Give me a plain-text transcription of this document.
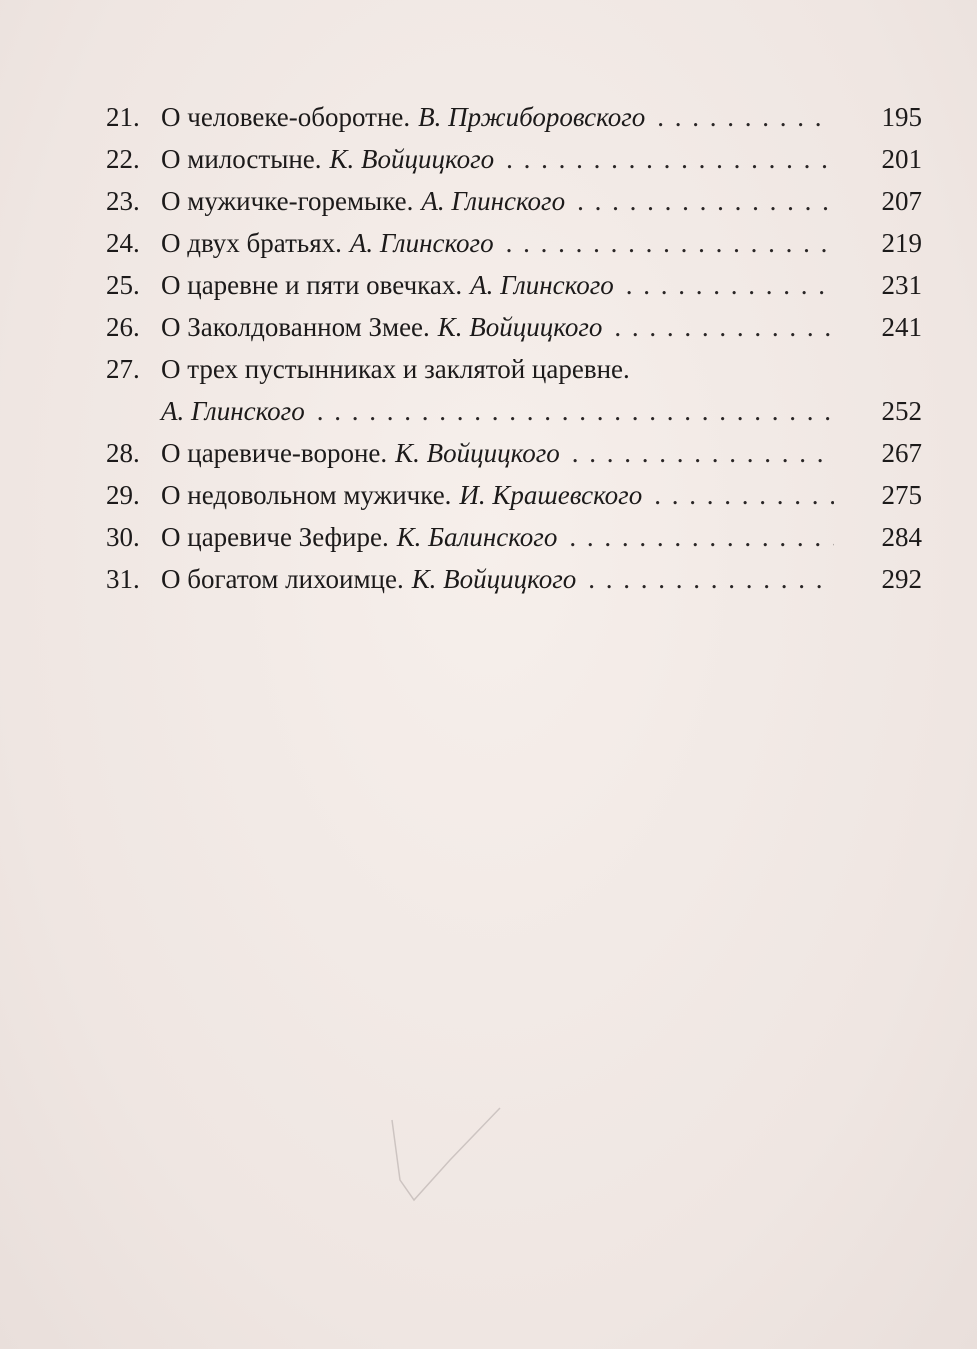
21. О человеке-оборотне. В. Пржиборовского . . .	195
22. О милостыне. К. Войцицкого . . .	201
23. О мужичке-горемыке. А. Глинского . . .	207
24. О двух братьях. А. Глинского . . .	219
25. О царевне и пяти овечках. А. Глинского . . .	231
26. О Заколдованном Змее. К. Войцицкого . . .	241
27. О трех пустынниках и заклятой царевне.
А. Глинского . . .	252
28. О царевиче-вороне. К. Войцицкого . . .	267
29. О недовольном мужичке. И. Крашевского . . .	275
30. О царевиче Зефире. К. Балинского . . .	284
31. О богатом лихоимце. К. Войцицкого . . .	292
